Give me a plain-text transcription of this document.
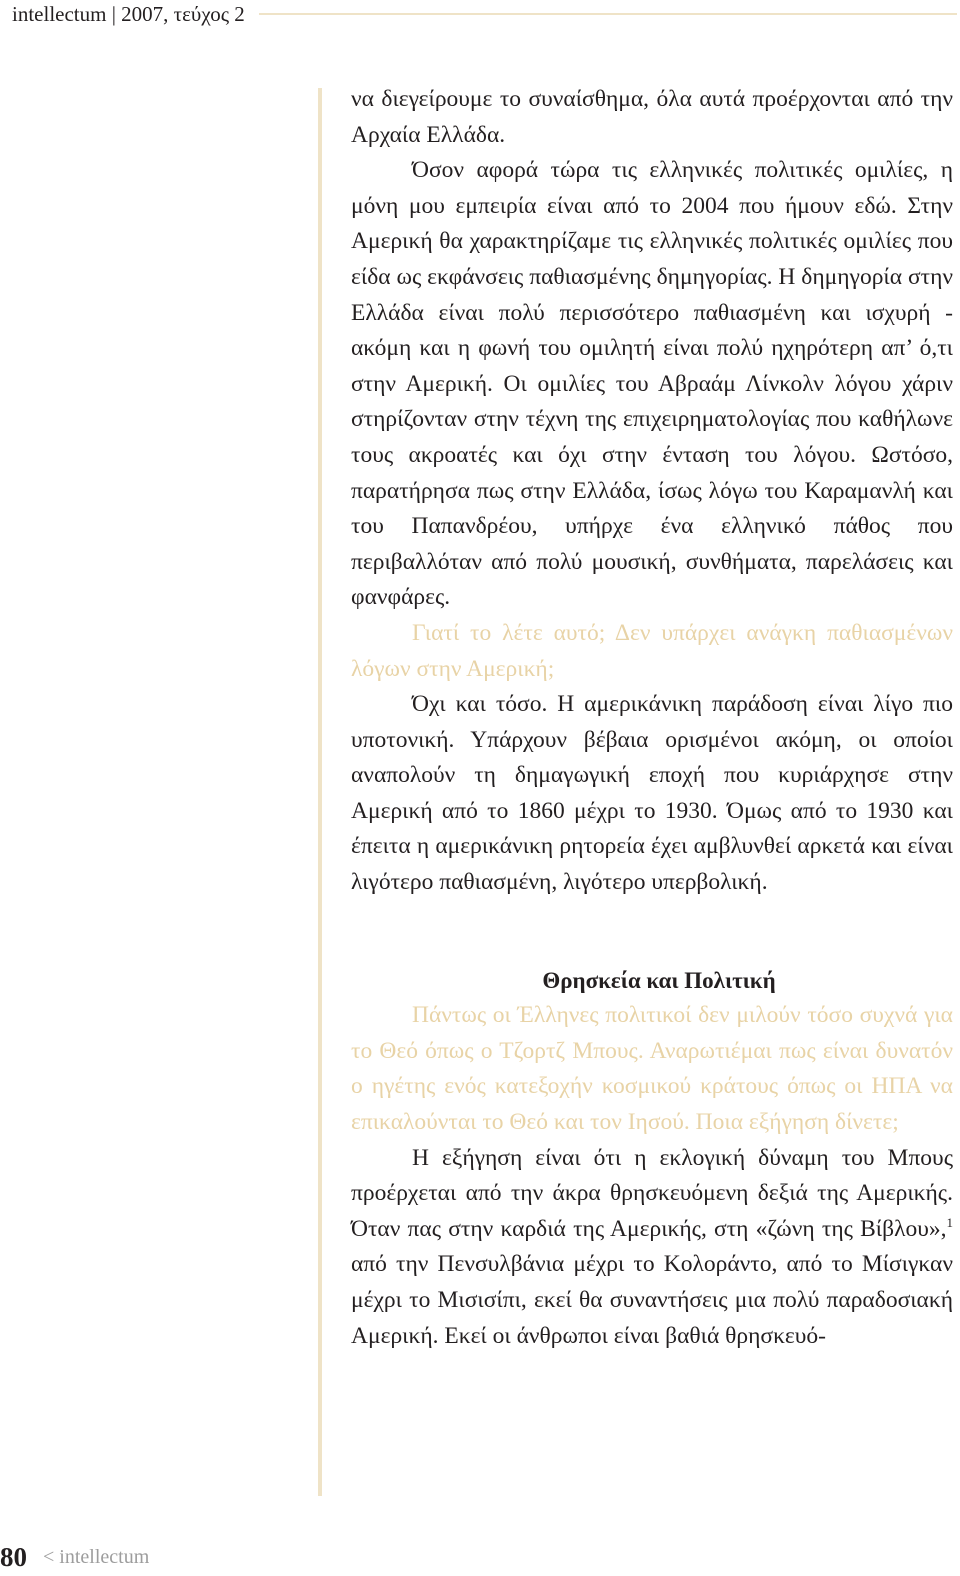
intellectum | 2007, τεύχος 2

να διεγείρουμε το συναίσθημα, όλα αυτά προέρχονται από την Αρχαία Ελλάδα.

Όσον αφορά τώρα τις ελληνικές πολιτικές ομιλίες, η μόνη μου εμπειρία είναι από το 2004 που ήμουν εδώ. Στην Αμερική θα χαρακτηρίζαμε τις ελληνικές πολιτικές ομιλίες που είδα ως εκφάνσεις παθιασμένης δημηγορίας. Η δημηγορία στην Ελλάδα είναι πολύ περισσότερο παθιασμένη και ισχυρή - ακόμη και η φωνή του ομιλητή είναι πολύ ηχηρότερη απ’ ό,τι στην Αμερική. Οι ομιλίες του Αβραάμ Λίνκολν λόγου χάριν στηρίζονταν στην τέχνη της επιχειρηματολογίας που καθήλωνε τους ακροατές και όχι στην ένταση του λόγου. Ωστόσο, παρατήρησα πως στην Ελλάδα, ίσως λόγω του Καραμανλή και του Παπανδρέου, υπήρχε ένα ελληνικό πάθος που περιβαλλόταν από πολύ μουσική, συνθήματα, παρελάσεις και φανφάρες.

Γιατί το λέτε αυτό; Δεν υπάρχει ανάγκη παθιασμένων λόγων στην Αμερική;

Όχι και τόσο. Η αμερικάνικη παράδοση είναι λίγο πιο υποτονική. Υπάρχουν βέβαια ορισμένοι ακόμη, οι οποίοι αναπολούν τη δημαγωγική εποχή που κυριάρχησε στην Αμερική από το 1860 μέχρι το 1930. Όμως από το 1930 και έπειτα η αμερικάνικη ρητορεία έχει αμβλυνθεί αρκετά και είναι λιγότερο παθιασμένη, λιγότερο υπερβολική.

Θρησκεία και Πολιτική

Πάντως οι Έλληνες πολιτικοί δεν μιλούν τόσο συχνά για το Θεό όπως ο Τζορτζ Μπους. Αναρωτιέμαι πως είναι δυνατόν ο ηγέτης ενός κατεξοχήν κοσμικού κράτους όπως οι ΗΠΑ να επικαλούνται το Θεό και τον Ιησού. Ποια εξήγηση δίνετε;

Η εξήγηση είναι ότι η εκλογική δύναμη του Μπους προέρχεται από την άκρα θρησκευόμενη δεξιά της Αμερικής. Όταν πας στην καρδιά της Αμερικής, στη «ζώνη της Βίβλου»,$^1$ από την Πενσυλβάνια μέχρι το Κολοράντο, από το Μίσιγκαν μέχρι το Μισισίπι, εκεί θα συναντήσεις μια πολύ παραδοσιακή Αμερική. Εκεί οι άνθρωποι είναι βαθιά θρησκευό-

80 < intellectum
